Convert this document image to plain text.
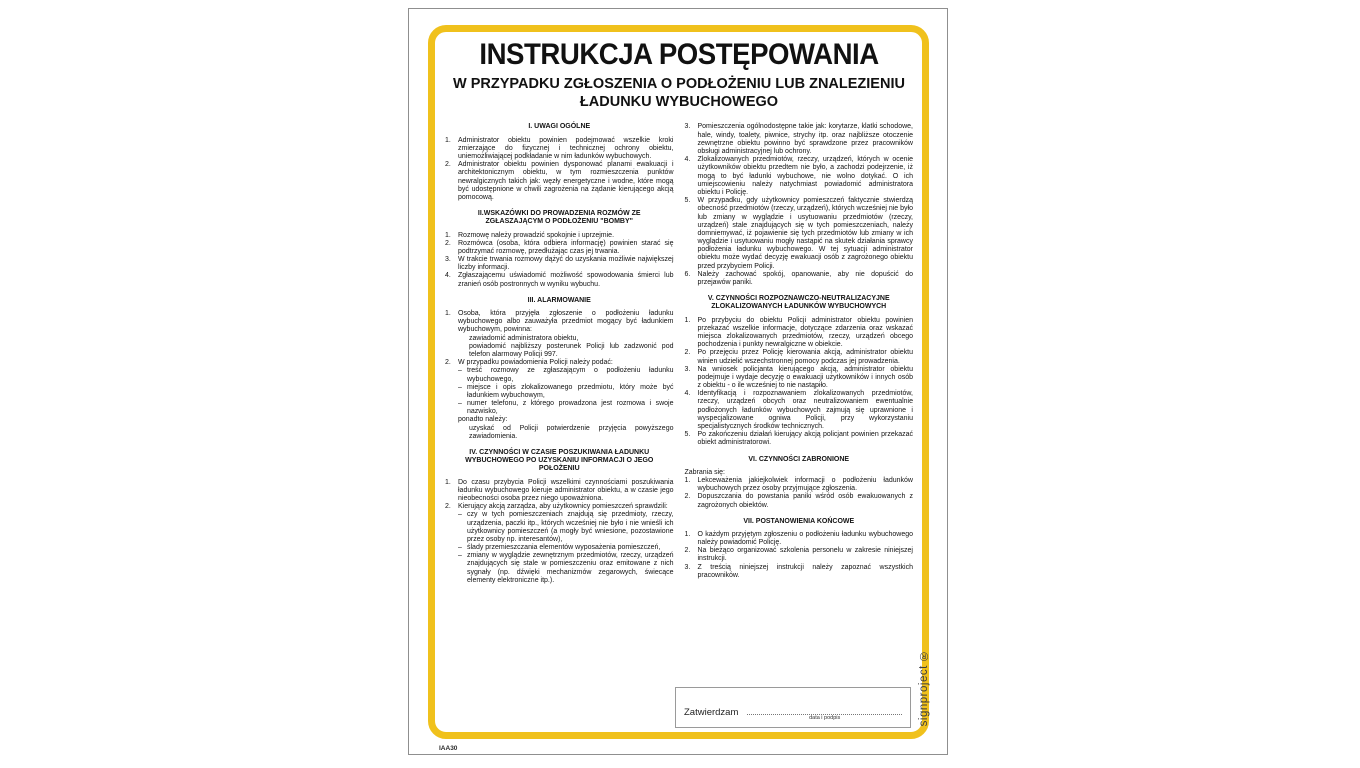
INSTRUKCJA POSTĘPOWANIA
W PRZYPADKU ZGŁOSZENIA O PODŁOŻENIU LUB ZNALEZIENIU
ŁADUNKU WYBUCHOWEGO
I. UWAGI OGÓLNE
1.	Administrator obiektu powinien podejmować wszelkie kroki zmierzające do fizycznej i technicznej ochrony obiektu, uniemożliwiającej podkładanie w nim ładunków wybuchowych.
2.	Administrator obiektu powinien dysponować planami ewakuacji i architektonicznym obiektu, w tym rozmieszczenia punktów newralgicznych takich jak: węzły energetyczne i wodne, które mogą być udostępnione w chwili zagrożenia na żądanie kierującego akcją pomocową.
II.WSKAZÓWKI DO PROWADZENIA ROZMÓW ZE ZGŁASZAJĄCYM O PODŁOŻENIU "BOMBY"
1.	Rozmowę należy prowadzić spokojnie i uprzejmie.
2.	Rozmówca (osoba, która odbiera informację) powinien starać się podtrzymać rozmowę, przedłużając czas jej trwania.
3.	W trakcie trwania rozmowy dążyć do uzyskania możliwie największej liczby informacji.
4.	Zgłaszającemu uświadomić możliwość spowodowania śmierci lub zranień osób postronnych w wyniku wybuchu.
III. ALARMOWANIE
1.	Osoba, która przyjęła zgłoszenie o podłożeniu ładunku wybuchowego albo zauważyła przedmiot mogący być ładunkiem wybuchowym, powinna:
zawiadomić administratora obiektu,
powiadomić najbliższy posterunek Policji lub zadzwonić pod telefon alarmowy Policji 997.
2.	W przypadku powiadomienia Policji należy podać:
– treść rozmowy ze zgłaszającym o podłożeniu ładunku wybuchowego,
– miejsce i opis zlokalizowanego przedmiotu, który może być ładunkiem wybuchowym,
– numer telefonu, z którego prowadzona jest rozmowa i swoje nazwisko,
ponadto należy:
uzyskać od Policji potwierdzenie przyjęcia powyższego zawiadomienia.
IV. CZYNNOŚCI W CZASIE POSZUKIWANIA ŁADUNKU WYBUCHOWEGO PO UZYSKANIU INFORMACJI O JEGO POŁOŻENIU
1.	Do czasu przybycia Policji wszelkimi czynnościami poszukiwania ładunku wybuchowego kieruje administrator obiektu, a w czasie jego nieobecności osoba przez niego upoważniona.
2.	Kierujący akcją zarządza, aby użytkownicy pomieszczeń sprawdzili:
– czy w tych pomieszczeniach znajdują się przedmioty, rzeczy, urządzenia, paczki itp., których wcześniej nie było i nie wnieśli ich użytkownicy pomieszczeń (a mogły być wniesione, pozostawione przez osoby np. interesantów),
– ślady przemieszczania elementów wyposażenia pomieszczeń,
– zmiany w wyglądzie zewnętrznym przedmiotów, rzeczy, urządzeń znajdujących się stale w pomieszczeniu oraz emitowane z nich sygnały (np. dźwięki mechanizmów zegarowych, świecące elementy elektroniczne itp.).
3.	Pomieszczenia ogólnodostępne takie jak: korytarze, klatki schodowe, hale, windy, toalety, piwnice, strychy itp. oraz najbliższe otoczenie zewnętrzne obiektu powinno być sprawdzone przez pracowników obsługi administracyjnej lub ochrony.
4.	Zlokalizowanych przedmiotów, rzeczy, urządzeń, których w ocenie użytkowników obiektu przedtem nie było, a zachodzi podejrzenie, iż mogą to być ładunki wybuchowe, nie wolno dotykać. O ich umiejscowieniu należy natychmiast powiadomić administratora obiektu i Policję.
5.	W przypadku, gdy użytkownicy pomieszczeń faktycznie stwierdzą obecność przedmiotów (rzeczy, urządzeń), których wcześniej nie było lub zmiany w wyglądzie i usytuowaniu przedmiotów (rzeczy, urządzeń) stale znajdujących się w tych pomieszczeniach, należy domniemywać, iż pojawienie się tych przedmiotów lub zmiany w ich wyglądzie i usytuowaniu mogły nastąpić na skutek działania sprawcy podłożenia ładunku wybuchowego. W tej sytuacji administrator obiektu może wydać decyzję ewakuacji osób z zagrożonego obiektu przed przybyciem Policji.
6.	Należy zachować spokój, opanowanie, aby nie dopuścić do przejawów paniki.
V. CZYNNOŚCI ROZPOZNAWCZO-NEUTRALIZACYJNE ZLOKALIZOWANYCH ŁADUNKÓW WYBUCHOWYCH
1.	Po przybyciu do obiektu Policji administrator obiektu powinien przekazać wszelkie informacje, dotyczące zdarzenia oraz wskazać miejsca zlokalizowanych przedmiotów, rzeczy, urządzeń obcego pochodzenia i punkty newralgiczne w obiekcie.
2.	Po przejęciu przez Policję kierowania akcją, administrator obiektu winien udzielić wszechstronnej pomocy podczas jej prowadzenia.
3.	Na wniosek policjanta kierującego akcją, administrator obiektu podejmuje i wydaje decyzję o ewakuacji użytkowników i innych osób z obiektu - o ile wcześniej to nie nastąpiło.
4.	Identyfikacją i rozpoznawaniem zlokalizowanych przedmiotów, rzeczy, urządzeń obcych oraz neutralizowaniem ewentualnie podłożonych ładunków wybuchowych zajmują się uprawnione i wyspecjalizowane ogniwa Policji, przy wykorzystaniu specjalistycznych środków technicznych.
5.	Po zakończeniu działań kierujący akcją policjant powinien przekazać obiekt administratorowi.
VI. CZYNNOŚCI ZABRONIONE
Zabrania się:
1.	Lekceważenia jakiejkolwiek informacji o podłożeniu ładunków wybuchowych przez osoby przyjmujące zgłoszenia.
2.	Dopuszczania do powstania paniki wśród osób ewakuowanych z zagrożonych obiektów.
VII. POSTANOWIENIA KOŃCOWE
1.	O każdym przyjętym zgłoszeniu o podłożeniu ładunku wybuchowego należy powiadomić Policję.
2.	Na bieżąco organizować szkolenia personelu w zakresie niniejszej instrukcji.
3.	Z treścią niniejszej instrukcji należy zapoznać wszystkich pracowników.
Zatwierdzam	data i podpis	signproject ®
IAA30
